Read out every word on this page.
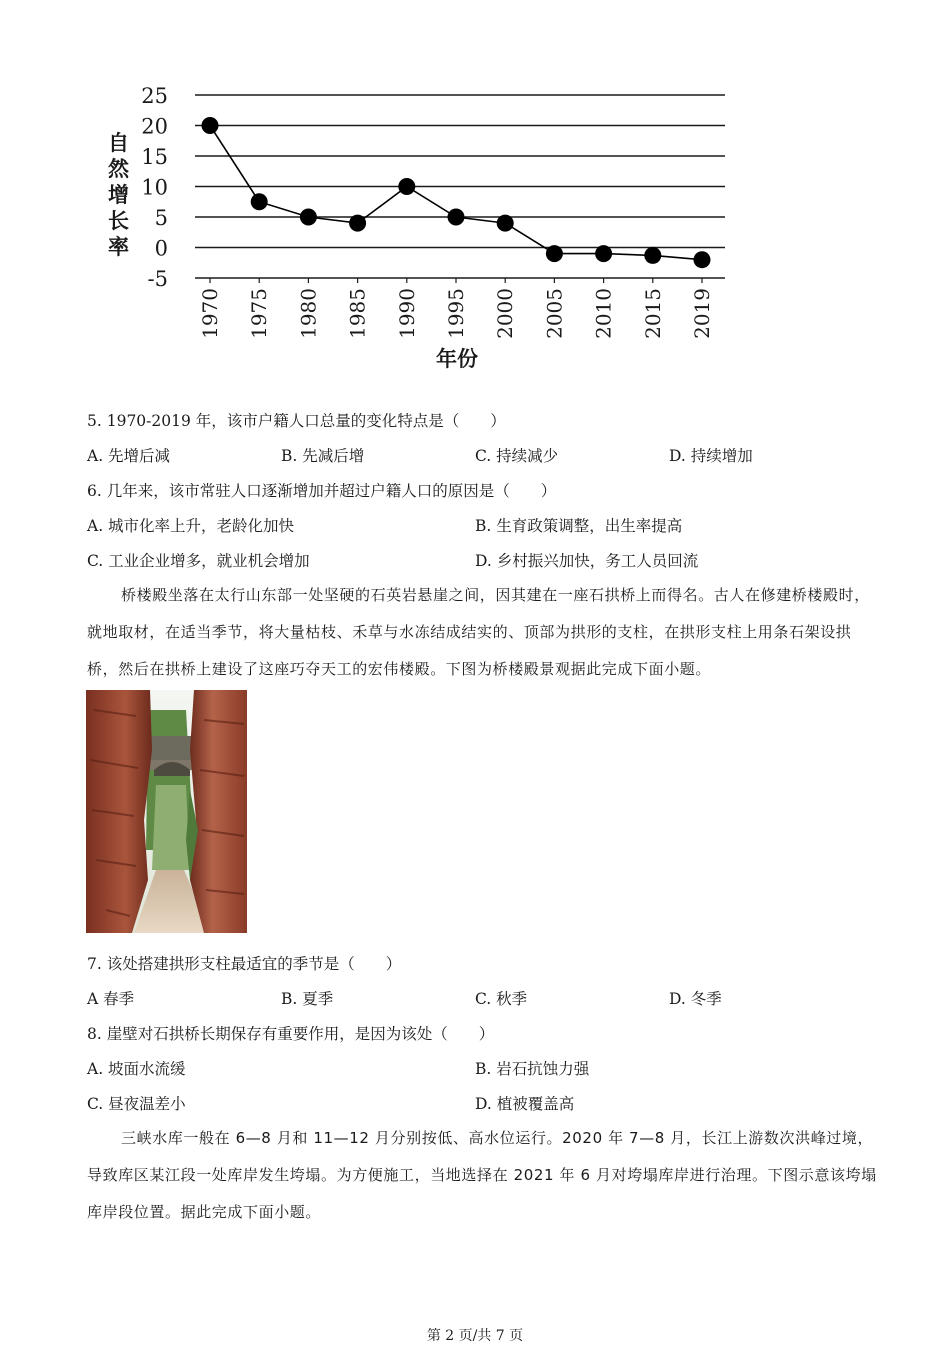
25
20
15
10
5
0
-5
1970 1975 1980 1985 1990 1995 2000 2005 2010 2015 2019
自然增长率
年份
5. 1970-2019 年，该市户籍人口总量的变化特点是（　　）
A. 先增后减	B. 先减后增	C. 持续减少	D. 持续增加
6. 几年来，该市常驻人口逐渐增加并超过户籍人口的原因是（　　）
A. 城市化率上升，老龄化加快	B. 生育政策调整，出生率提高
C. 工业企业增多，就业机会增加	D. 乡村振兴加快，务工人员回流
桥楼殿坐落在太行山东部一处坚硬的石英岩悬崖之间，因其建在一座石拱桥上而得名。古人在修建桥楼殿时，就地取材，在适当季节，将大量枯枝、禾草与水冻结成结实的、顶部为拱形的支柱，在拱形支柱上用条石架设拱桥，然后在拱桥上建设了这座巧夺天工的宏伟楼殿。下图为桥楼殿景观据此完成下面小题。
7. 该处搭建拱形支柱最适宜的季节是（　　）
A 春季	B. 夏季	C. 秋季	D. 冬季
8. 崖壁对石拱桥长期保存有重要作用，是因为该处（　　）
A. 坡面水流缓	B. 岩石抗蚀力强
C. 昼夜温差小	D. 植被覆盖高
三峡水库一般在 6—8 月和 11—12 月分别按低、高水位运行。2020 年 7—8 月，长江上游数次洪峰过境，导致库区某江段一处库岸发生垮塌。为方便施工，当地选择在 2021 年 6 月对垮塌库岸进行治理。下图示意该垮塌库岸段位置。据此完成下面小题。
第 2 页/共 7 页
